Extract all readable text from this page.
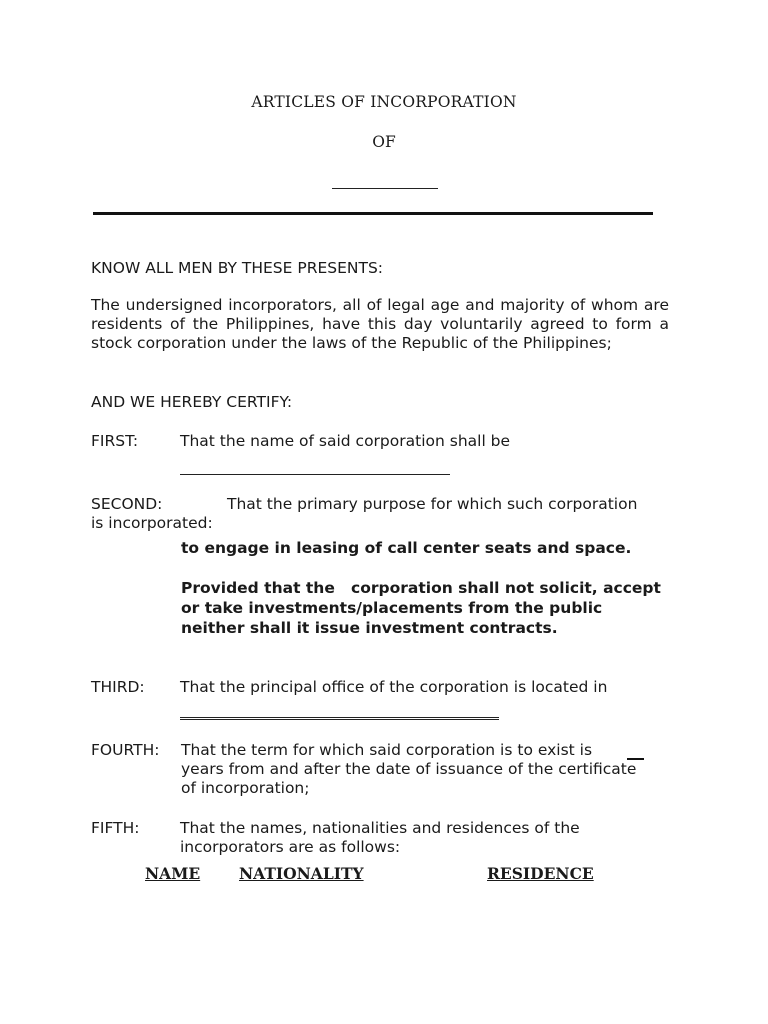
ARTICLES OF INCORPORATION
OF
KNOW ALL MEN BY THESE PRESENTS:
The undersigned incorporators, all of legal age and majority of whom are residents of the Philippines, have this day voluntarily agreed to form a stock corporation under the laws of the Republic of the Philippines;
AND WE HEREBY CERTIFY:
FIRST:	That the name of said corporation shall be
SECOND:	That the primary purpose for which such corporation
is incorporated:
to engage in leasing of call center seats and space.
Provided that the   corporation shall not solicit, accept or take investments/placements from the public neither shall it issue investment contracts.
THIRD: That the principal office of the corporation is located in
FOURTH: That the term for which said corporation is to exist is      years from and after the date of issuance of the certificate of incorporation;
FIFTH:	That the names, nationalities and residences of the incorporators are as follows:
NAME	NATIONALITY	RESIDENCE
